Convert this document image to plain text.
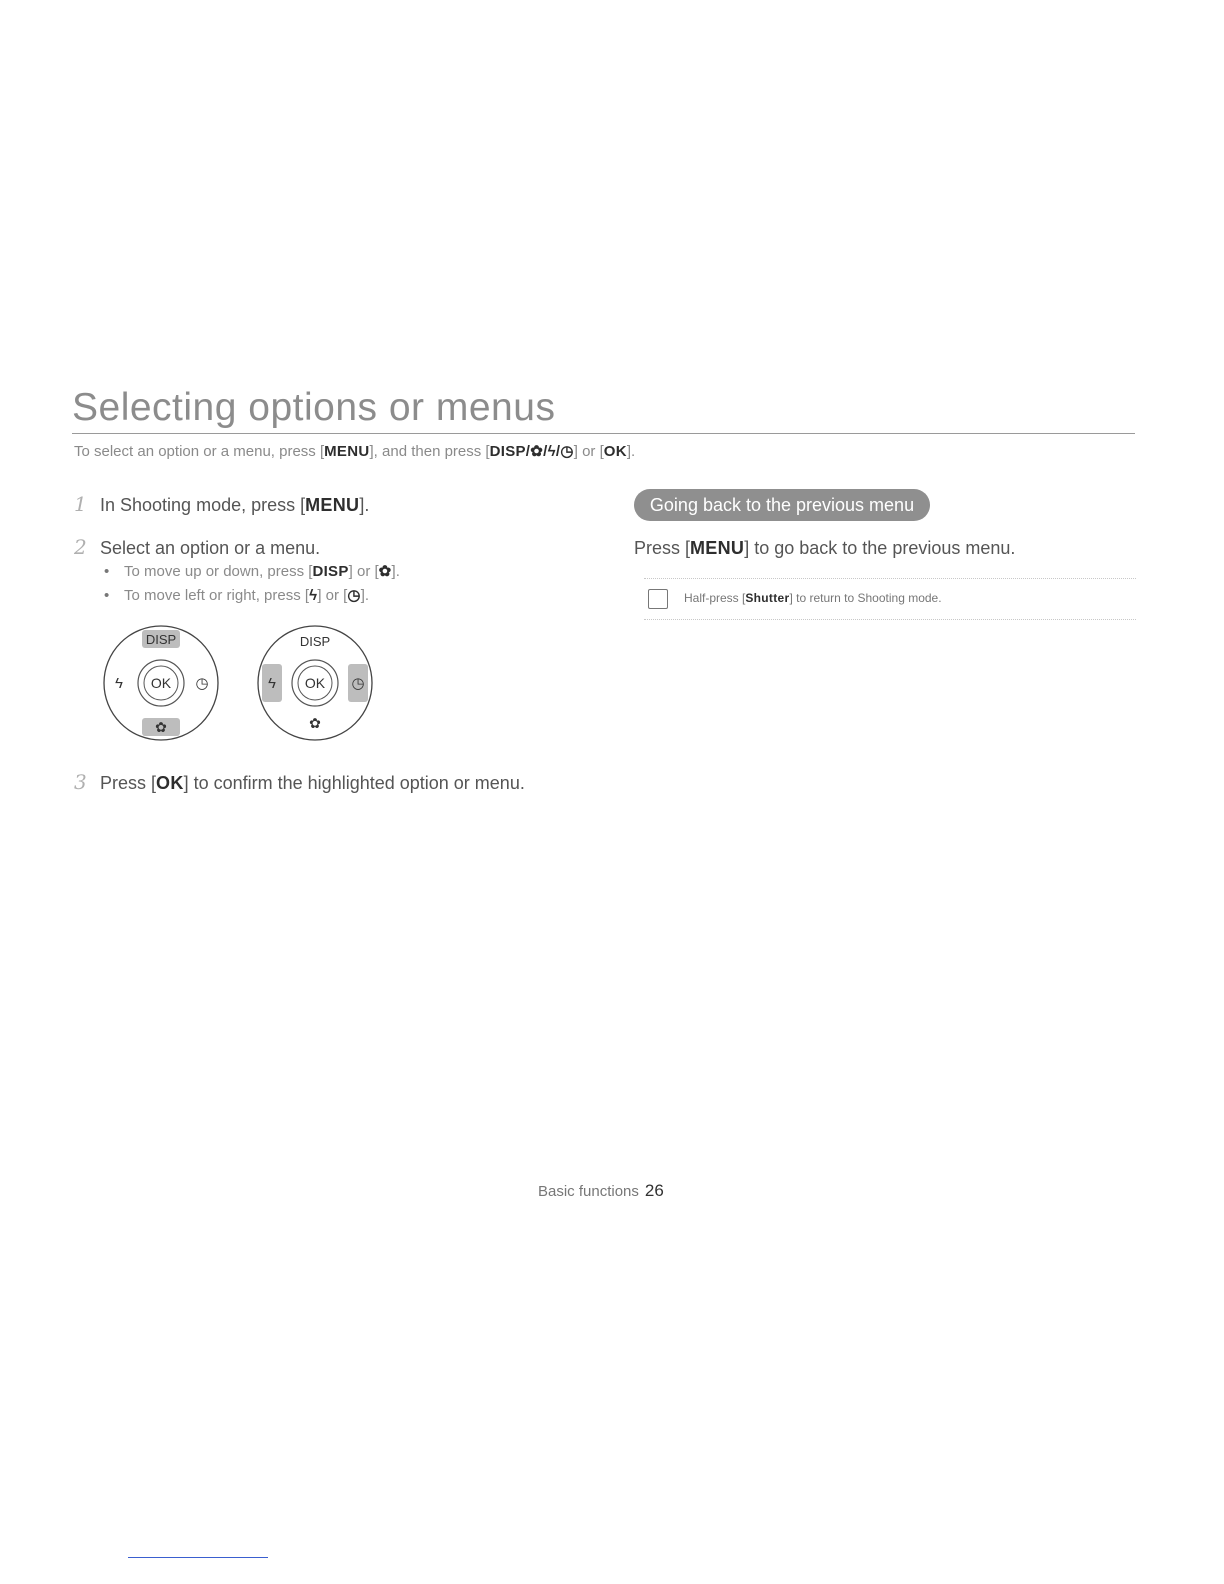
Selecting options or menus
To select an option or a menu, press [MENU], and then press [DISP/✿/ϟ/◷] or [OK].
1 In Shooting mode, press [MENU].
2 Select an option or a menu.
• To move up or down, press [DISP] or [✿].
• To move left or right, press [ϟ] or [◷].
DISP
OK
ϟ	◷
✿
DISP
OK
ϟ	◷
✿
3 Press [OK] to confirm the highlighted option or menu.
Going back to the previous menu
Press [MENU] to go back to the previous menu.
Half-press [Shutter] to return to Shooting mode.
Basic functions 26
